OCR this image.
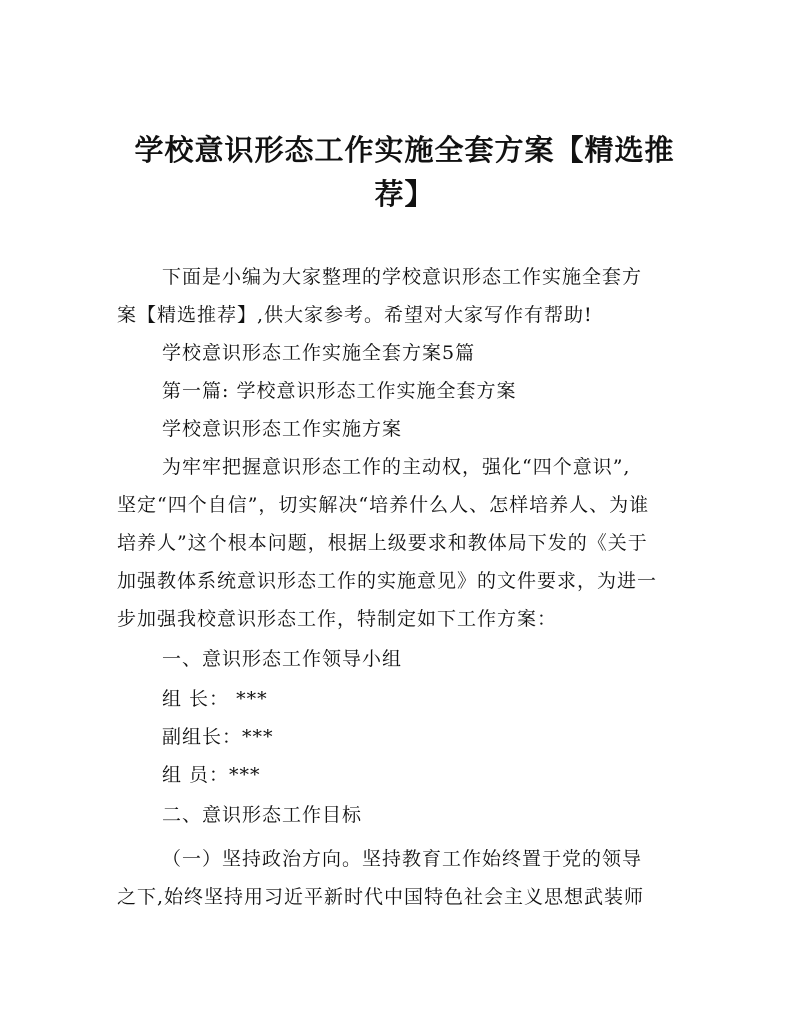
学校意识形态工作实施全套方案【精选推荐】
下面是小编为大家整理的学校意识形态工作实施全套方
案【精选推荐】,供大家参考。希望对大家写作有帮助!
学校意识形态工作实施全套方案5篇
第一篇: 学校意识形态工作实施全套方案
学校意识形态工作实施方案
为牢牢把握意识形态工作的主动权，强化“四个意识”,
坚定“四个自信”，切实解决“培养什么人、怎样培养人、为谁
培养人”这个根本问题，根据上级要求和教体局下发的《关于
加强教体系统意识形态工作的实施意见》的文件要求，为进一
步加强我校意识形态工作，特制定如下工作方案：
一、意识形态工作领导小组
组 长： ***
副组长：***
组 员：***
二、意识形态工作目标
（一）坚持政治方向。坚持教育工作始终置于党的领导
之下,始终坚持用习近平新时代中国特色社会主义思想武装师
